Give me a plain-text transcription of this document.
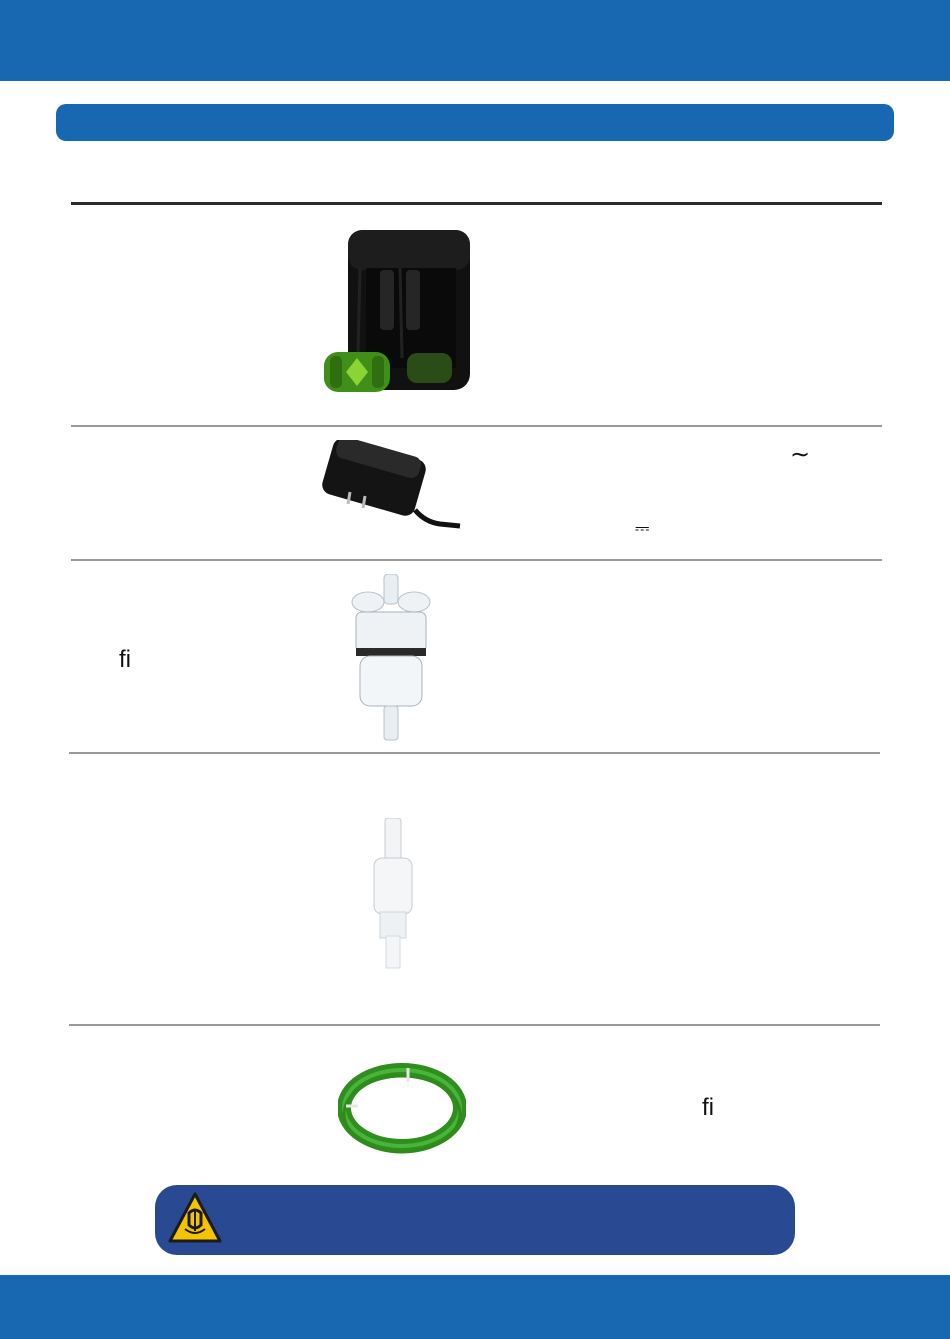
∼
⎓
ﬁ
ﬁ
